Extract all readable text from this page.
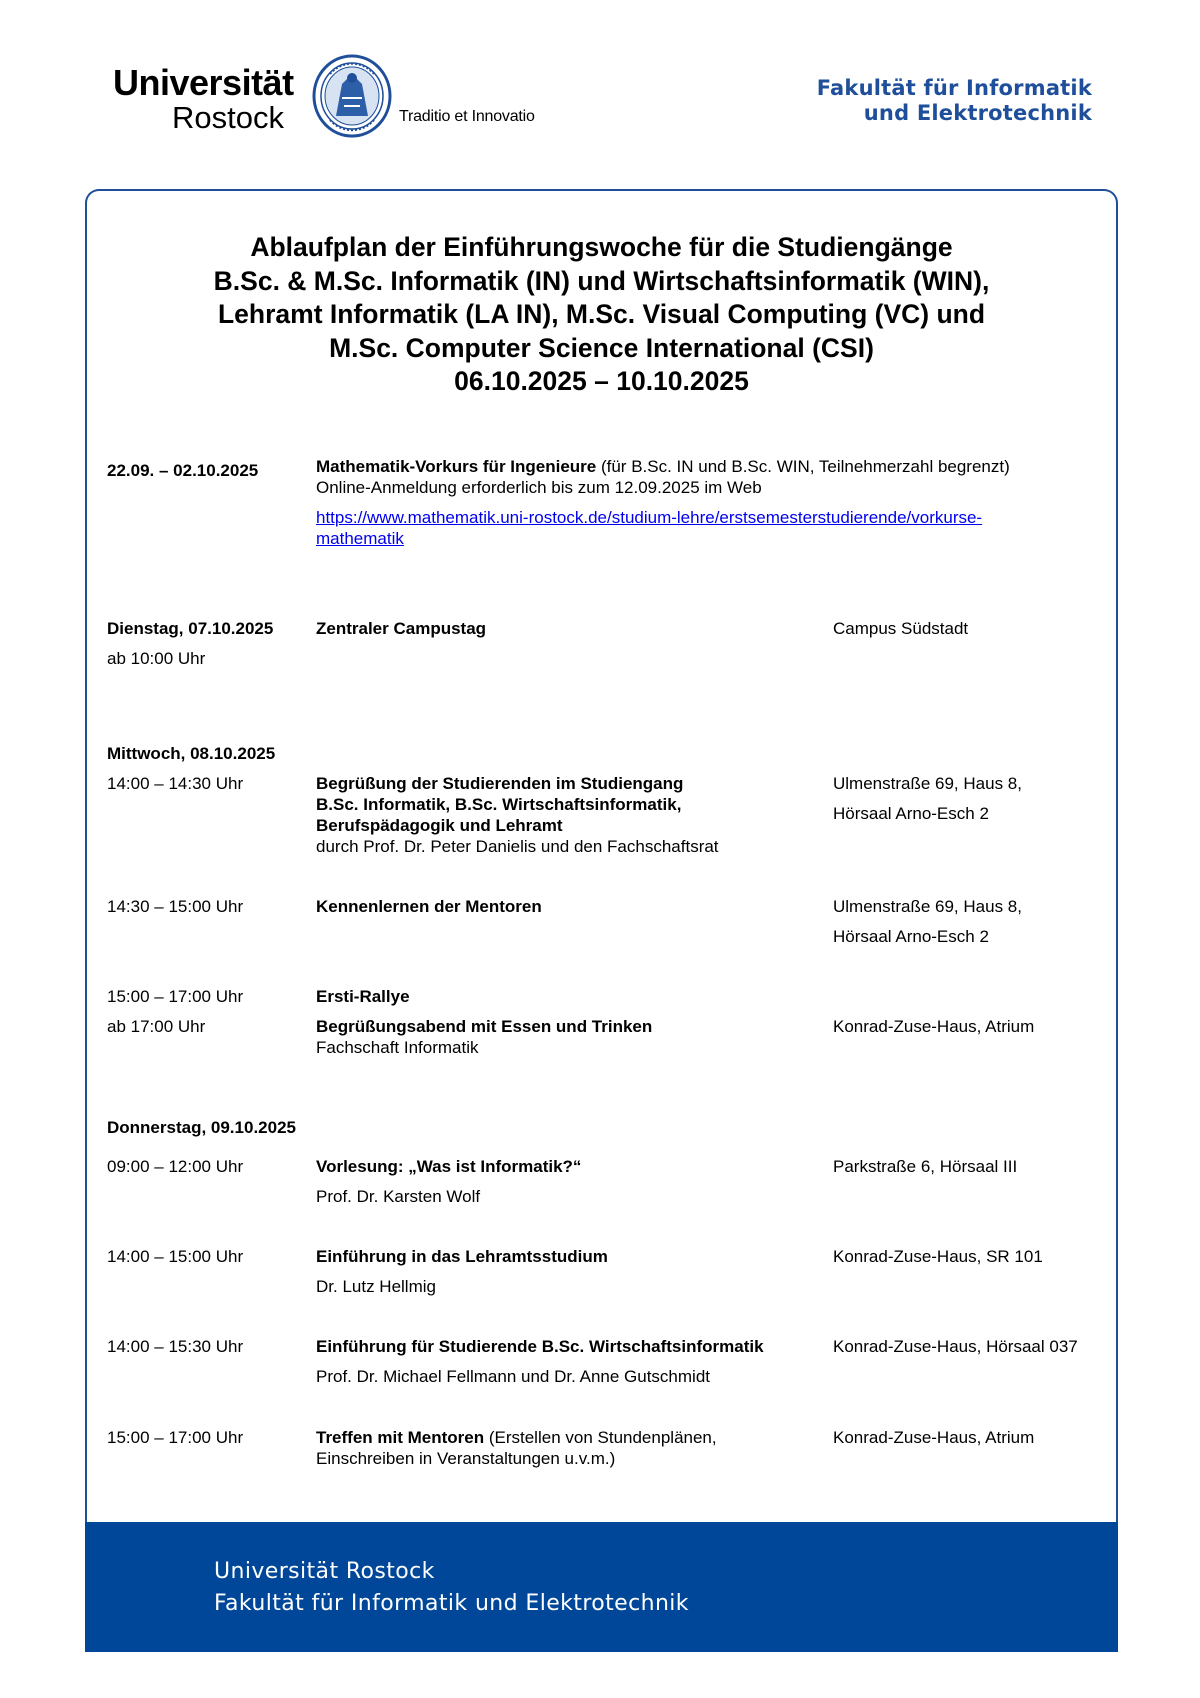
Universität
Rostock	Traditio et Innovatio
Fakultät für Informatik
und Elektrotechnik
Ablaufplan der Einführungswoche für die Studiengänge
B.Sc. & M.Sc. Informatik (IN) und Wirtschaftsinformatik (WIN),
Lehramt Informatik (LA IN), M.Sc. Visual Computing (VC) und
M.Sc. Computer Science International (CSI)
06.10.2025 – 10.10.2025
22.09. – 02.10.2025	Mathematik-Vorkurs für Ingenieure (für B.Sc. IN und B.Sc. WIN, Teilnehmerzahl begrenzt)
Online-Anmeldung erforderlich bis zum 12.09.2025 im Web
https://www.mathematik.uni-rostock.de/studium-lehre/erstsemesterstudierende/vorkurse-
mathematik
Dienstag, 07.10.2025
ab 10:00 Uhr
Zentraler Campustag	Campus Südstadt
Mittwoch, 08.10.2025
14:00 – 14:30 Uhr	Begrüßung der Studierenden im Studiengang
B.Sc. Informatik, B.Sc. Wirtschaftsinformatik,
Berufspädagogik und Lehramt
durch Prof. Dr. Peter Danielis und den Fachschaftsrat
Ulmenstraße 69, Haus 8,
Hörsaal Arno-Esch 2
14:30 – 15:00 Uhr	Kennenlernen der Mentoren	Ulmenstraße 69, Haus 8,
Hörsaal Arno-Esch 2
15:00 – 17:00 Uhr	Ersti-Rallye
ab 17:00 Uhr	Begrüßungsabend mit Essen und Trinken
Fachschaft Informatik
Konrad-Zuse-Haus, Atrium
Donnerstag, 09.10.2025
09:00 – 12:00 Uhr	Vorlesung: „Was ist Informatik?“
Prof. Dr. Karsten Wolf
Parkstraße 6, Hörsaal III
14:00 – 15:00 Uhr	Einführung in das Lehramtsstudium
Dr. Lutz Hellmig
Konrad-Zuse-Haus, SR 101
14:00 – 15:30 Uhr	Einführung für Studierende B.Sc. Wirtschaftsinformatik
Prof. Dr. Michael Fellmann und Dr. Anne Gutschmidt
Konrad-Zuse-Haus, Hörsaal 037
15:00 – 17:00 Uhr	Treffen mit Mentoren (Erstellen von Stundenplänen,
Einschreiben in Veranstaltungen u.v.m.)
Konrad-Zuse-Haus, Atrium
Universität Rostock
Fakultät für Informatik und Elektrotechnik
